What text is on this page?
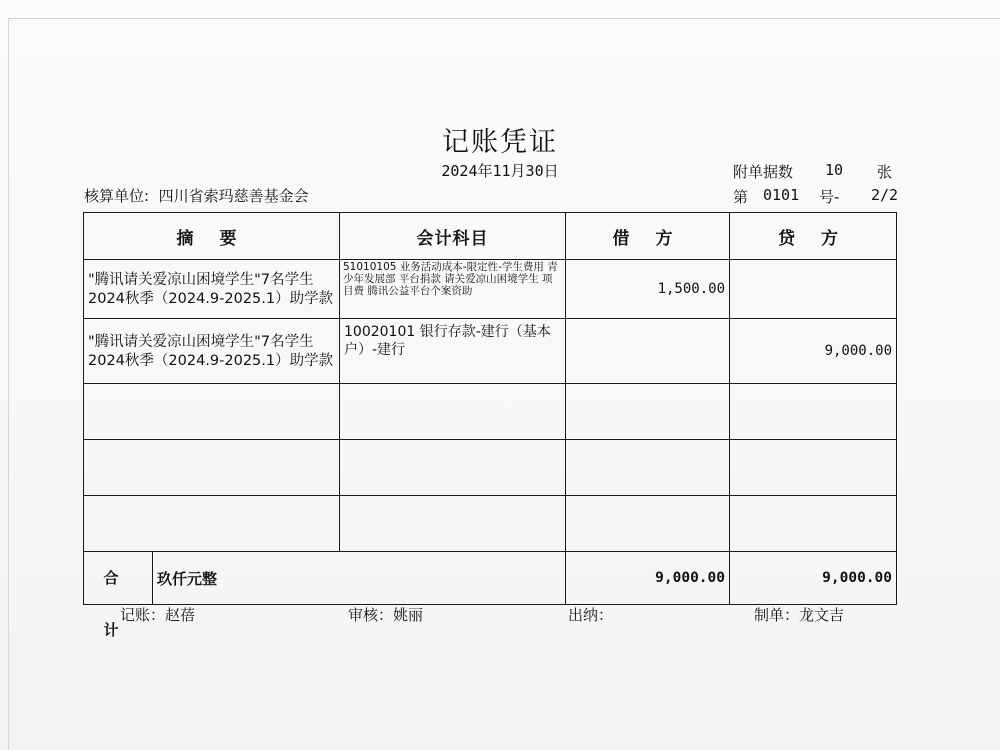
记账凭证
2024年11月30日	附单据数 10 张
核算单位: 四川省索玛慈善基金会	第 0101 号- 2/2
摘 要	会计科目	借 方	贷 方

"腾讯请关爱凉山困境学生"7名学生
2024秋季（2024.9-2025.1）助学款	51010105 业务活动成本-限定性-学生费用 青少年发展部 平台捐款 请关爱凉山困境学生 项目费 腾讯公益平台个案资助	1,500.00	

"腾讯请关爱凉山困境学生"7名学生
2024秋季（2024.9-2025.1）助学款	10020101 银行存款-建行（基本户）-建行		9,000.00

合 计
玖仟元整		9,000.00	9,000.00
记账：赵蓓	审核：姚丽	出纳：	制单：龙文吉
